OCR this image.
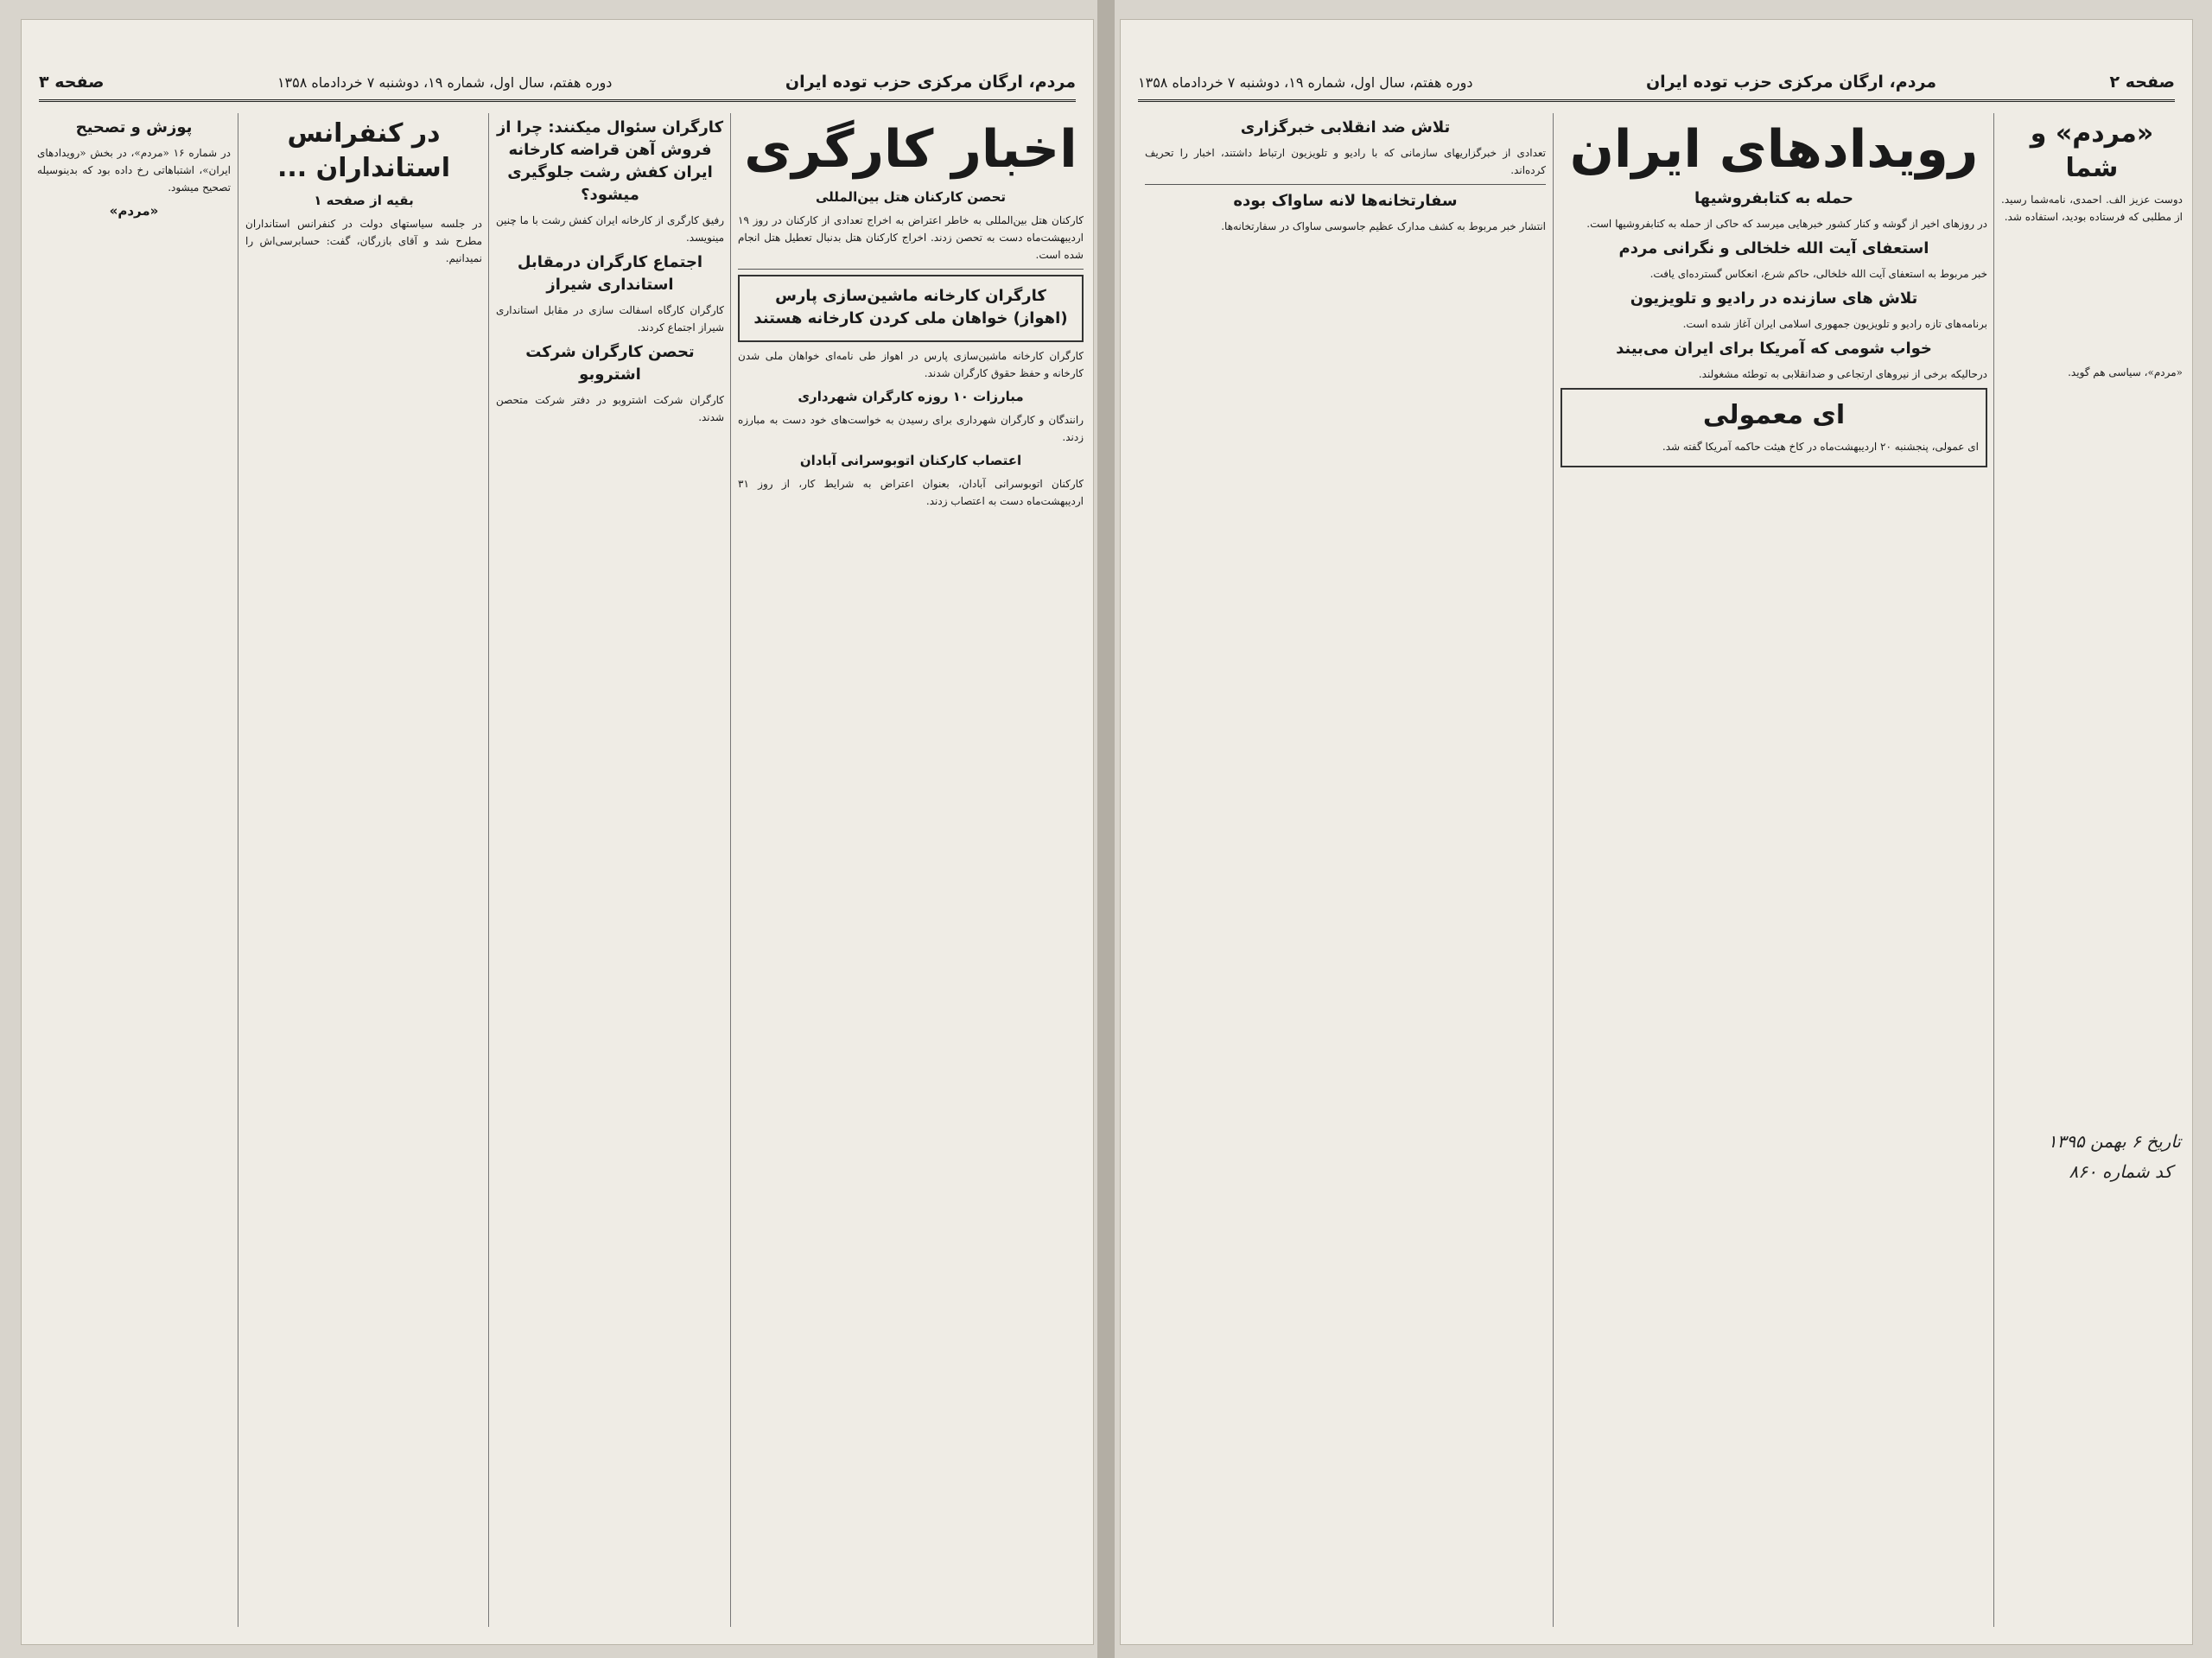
مردم، ارگان مرکزی حزب توده ایران
دوره هفتم، سال اول، شماره ۱۹، دوشنبه ۷ خردادماه ۱۳۵۸
صفحه ۳
اخبار کارگری
تحصن کارکنان هتل بین‌المللی

کارکنان هتل بین‌المللی به خاطر اعتراض به اخراج تعدادی از کارکنان در روز ۱۹ اردیبهشت‌ماه دست به تحصن زدند. اخراج کارکنان هتل بدنبال تعطیل هتل انجام شده است.

کارگران کارخانه ماشین‌سازی پارس (اهواز) خواهان ملی کردن کارخانه هستند

کارگران کارخانه ماشین‌سازی پارس در اهواز طی نامه‌ای خواهان ملی شدن کارخانه و حفظ حقوق کارگران شدند.

مبارزات ۱۰ روزه کارگران شهرداری

رانندگان و کارگران شهرداری برای رسیدن به خواست‌های خود دست به مبارزه زدند.

اعتصاب کارکنان اتوبوسرانی آبادان

کارکنان اتوبوسرانی آبادان، بعنوان اعتراض به شرایط کار، از روز ۳۱ اردیبهشت‌ماه دست به اعتصاب زدند.

کارگران سئوال میکنند: چرا از فروش آهن قراضه کارخانه ایران کفش رشت جلوگیری میشود؟

رفیق کارگری از کارخانه ایران کفش رشت با ما چنین مینویسد.

اجتماع کارگران درمقابل استانداری شیراز

کارگران کارگاه اسفالت سازی در مقابل استانداری شیراز اجتماع کردند.

تحصن کارگران شرکت اشتروبو

کارگران شرکت اشتروبو در دفتر شرکت متحصن شدند.

در کنفرانس استانداران ...
بقیه از صفحه ۱

در جلسه سیاستهای دولت در کنفرانس استانداران مطرح شد و آقای بازرگان، گفت: حسابرسی‌اش را نمیدانیم.

پوزش و تصحیح

در شماره ۱۶ «مردم»، در بخش «رویدادهای ایران»، اشتباهاتی رخ داده بود که بدینوسیله تصحیح میشود.

«مردم»
صفحه ۲
مردم، ارگان مرکزی حزب توده ایران
دوره هفتم، سال اول، شماره ۱۹، دوشنبه ۷ خردادماه ۱۳۵۸
«مردم» و شما

دوست عزیز الف. احمدی، نامه‌شما رسید. از مطلبی که فرستاده بودید، استفاده شد.

تاریخ ۶ بهمن ۱۳۹۵
کد شماره ۸۶۰

«مردم»، سیاسی هم گوید.

رویدادهای ایران
حمله به کتابفروشیها

در روزهای اخیر از گوشه و کنار کشور خبرهایی میرسد که حاکی از حمله به کتابفروشیها است.

استعفای آیت الله خلخالی و نگرانی مردم

خبر مربوط به استعفای آیت الله خلخالی، حاکم شرع، انعکاس گسترده‌ای یافت.

تلاش های سازنده در رادیو و تلویزیون

برنامه‌های تازه رادیو و تلویزیون جمهوری اسلامی ایران آغاز شده است.

خواب شومی که آمریکا برای ایران می‌بیند

درحالیکه برخی از نیروهای ارتجاعی و ضدانقلابی به توطئه مشغولند.

ای معمولی

ای عمولی، پنجشنبه ۲۰ اردیبهشت‌ماه در کاخ هیئت حاکمه آمریکا گفته شد.

تلاش ضد انقلابی خبرگزاری

تعدادی از خبرگزاریهای سازمانی که با رادیو و تلویزیون ارتباط داشتند، اخبار را تحریف کرده‌اند.

سفارتخانه‌ها لانه ساواک بوده

انتشار خبر مربوط به کشف مدارک عظیم جاسوسی ساواک در سفارتخانه‌ها.
